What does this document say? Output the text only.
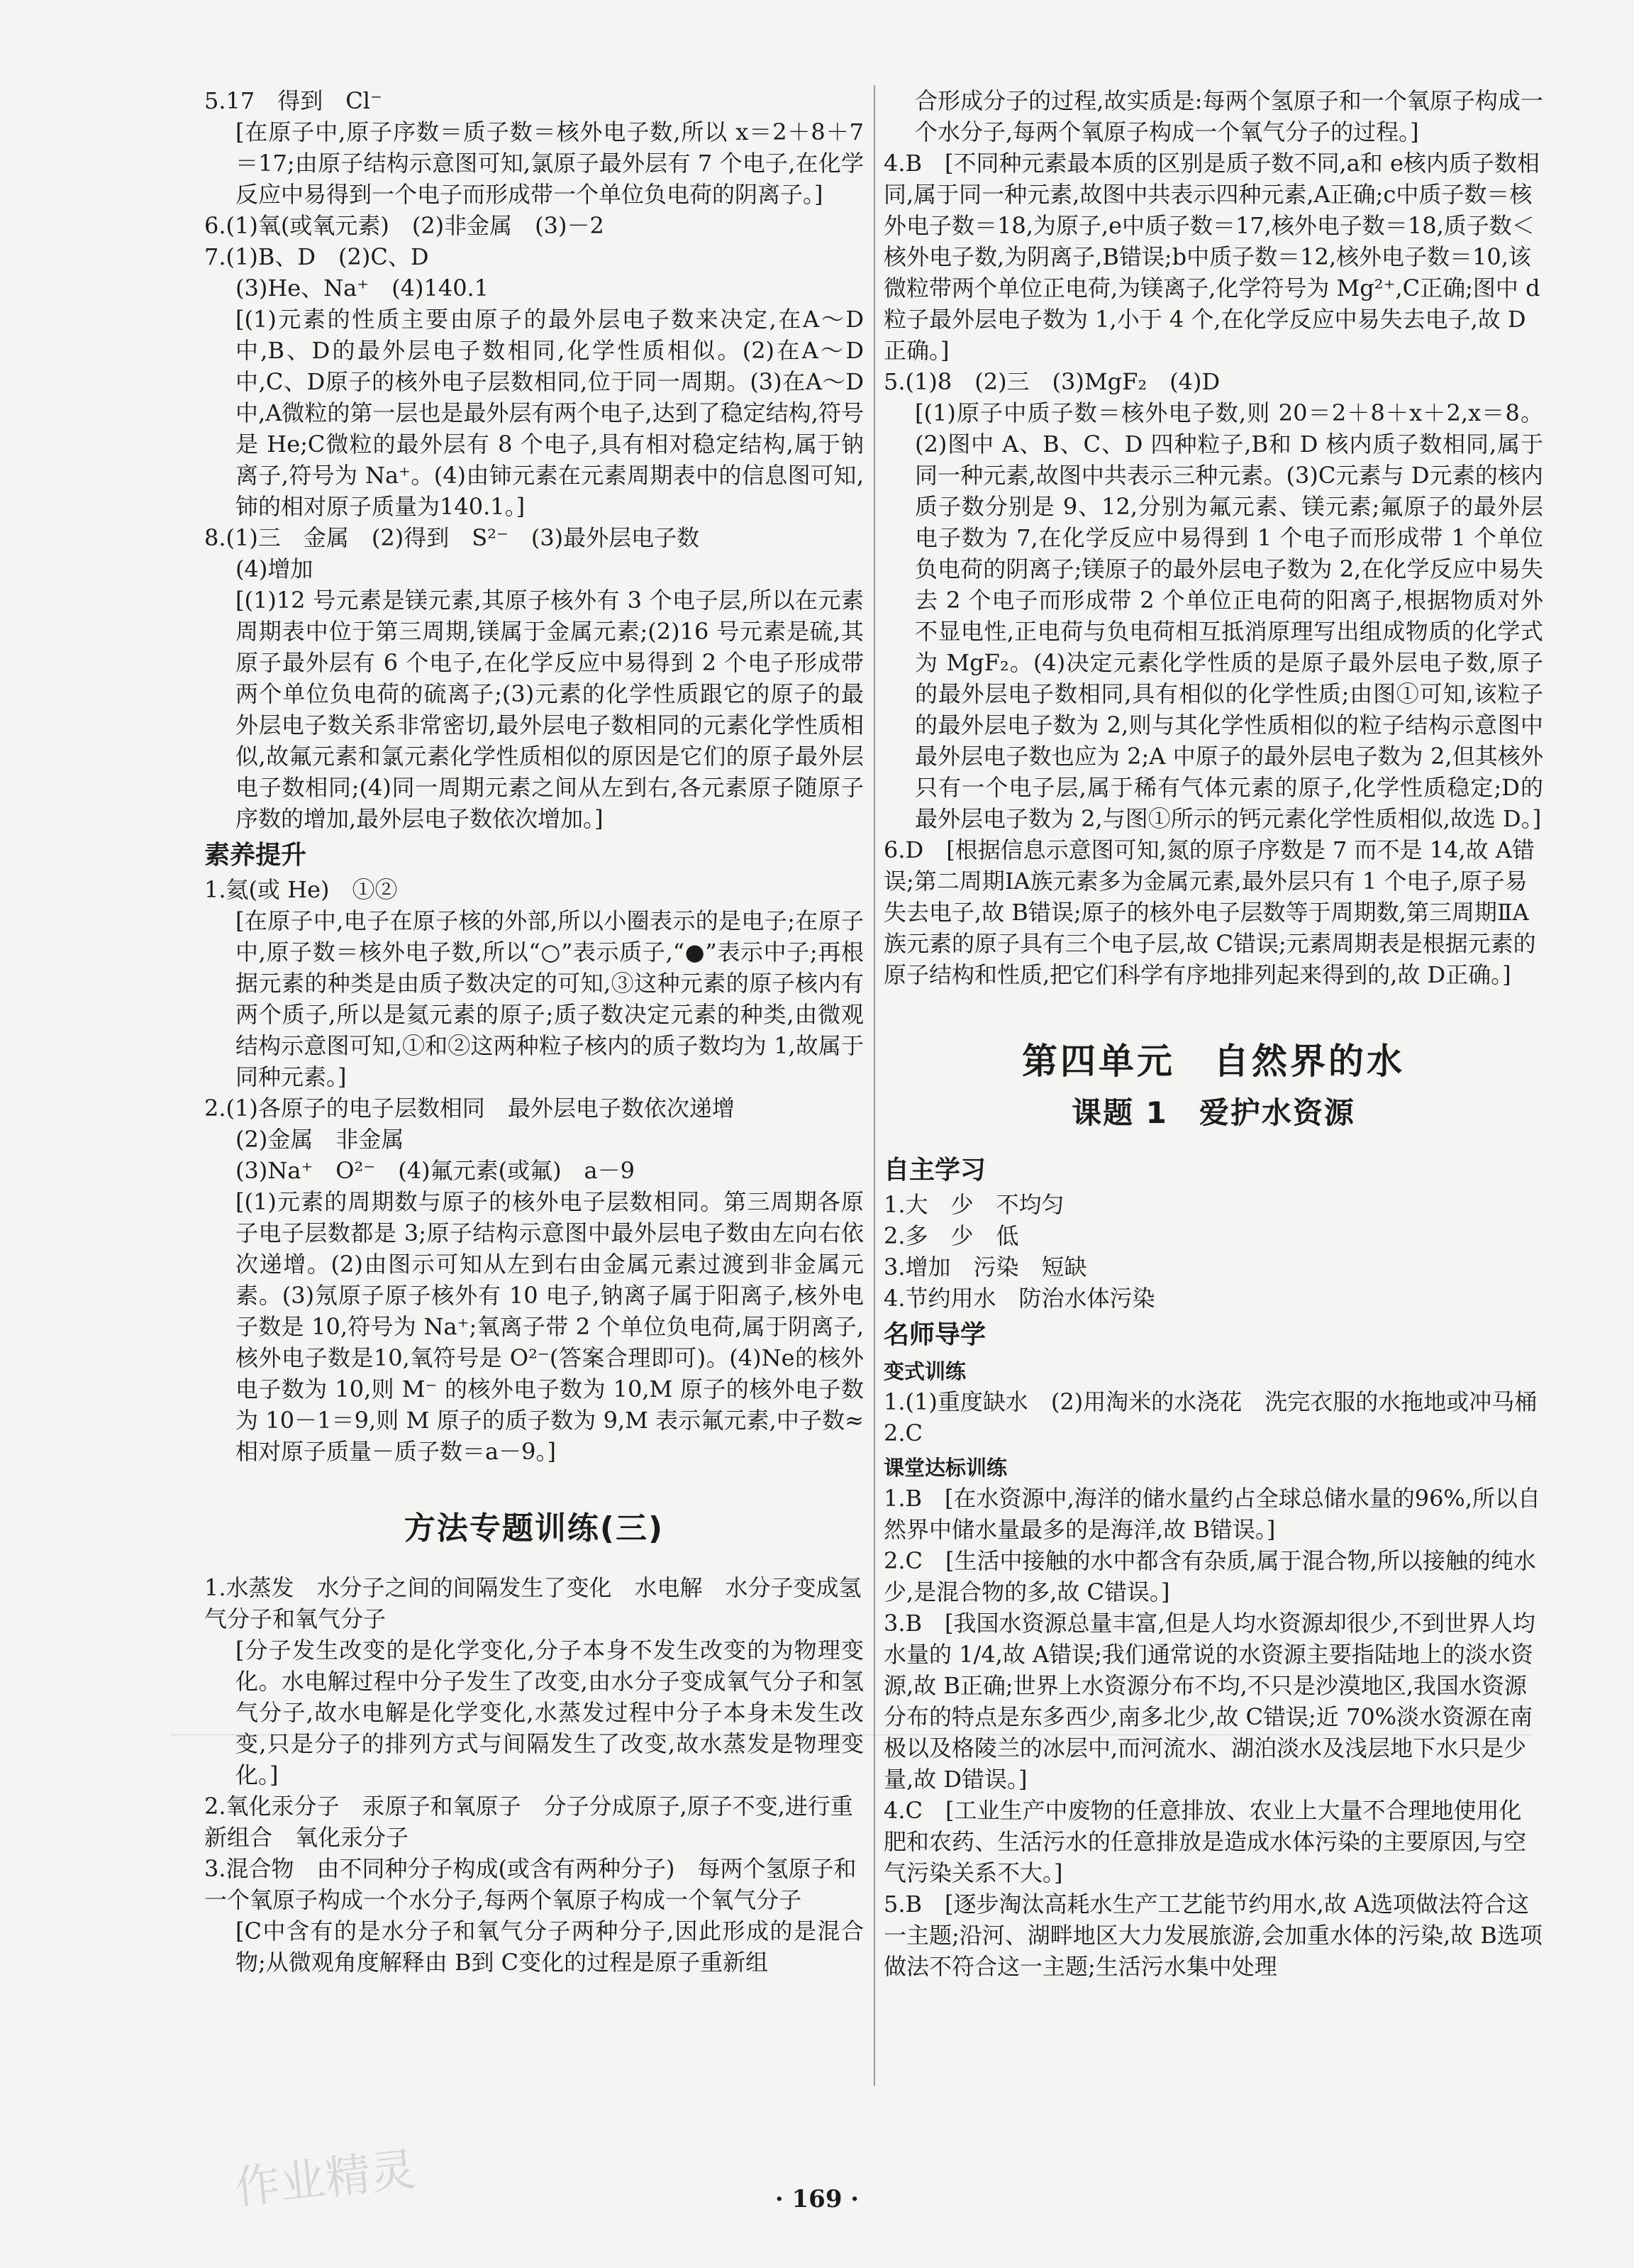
5.17　得到　Cl⁻

[在原子中,原子序数＝质子数＝核外电子数,所以 x＝2＋8＋7＝17;由原子结构示意图可知,氯原子最外层有 7 个电子,在化学反应中易得到一个电子而形成带一个单位负电荷的阴离子。]

6.(1)氧(或氧元素)　(2)非金属　(3)－2

7.(1)B、D　(2)C、D

(3)He、Na⁺　(4)140.1

[(1)元素的性质主要由原子的最外层电子数来决定,在A～D中,B、D的最外层电子数相同,化学性质相似。(2)在A～D中,C、D原子的核外电子层数相同,位于同一周期。(3)在A～D中,A微粒的第一层也是最外层有两个电子,达到了稳定结构,符号是 He;C微粒的最外层有 8 个电子,具有相对稳定结构,属于钠离子,符号为 Na⁺。(4)由铈元素在元素周期表中的信息图可知,铈的相对原子质量为140.1。]

8.(1)三　金属　(2)得到　S²⁻　(3)最外层电子数

(4)增加

[(1)12 号元素是镁元素,其原子核外有 3 个电子层,所以在元素周期表中位于第三周期,镁属于金属元素;(2)16 号元素是硫,其原子最外层有 6 个电子,在化学反应中易得到 2 个电子形成带两个单位负电荷的硫离子;(3)元素的化学性质跟它的原子的最外层电子数关系非常密切,最外层电子数相同的元素化学性质相似,故氟元素和氯元素化学性质相似的原因是它们的原子最外层电子数相同;(4)同一周期元素之间从左到右,各元素原子随原子序数的增加,最外层电子数依次增加。]

素养提升

1.氦(或 He)　①②

[在原子中,电子在原子核的外部,所以小圈表示的是电子;在原子中,原子数＝核外电子数,所以“○”表示质子,“●”表示中子;再根据元素的种类是由质子数决定的可知,③这种元素的原子核内有两个质子,所以是氦元素的原子;质子数决定元素的种类,由微观结构示意图可知,①和②这两种粒子核内的质子数均为 1,故属于同种元素。]

2.(1)各原子的电子层数相同　最外层电子数依次递增

(2)金属　非金属

(3)Na⁺　O²⁻　(4)氟元素(或氟)　a－9

[(1)元素的周期数与原子的核外电子层数相同。第三周期各原子电子层数都是 3;原子结构示意图中最外层电子数由左向右依次递增。(2)由图示可知从左到右由金属元素过渡到非金属元素。(3)氖原子原子核外有 10 电子,钠离子属于阳离子,核外电子数是 10,符号为 Na⁺;氧离子带 2 个单位负电荷,属于阴离子,核外电子数是10,氧符号是 O²⁻(答案合理即可)。(4)Ne的核外电子数为 10,则 M⁻ 的核外电子数为 10,M 原子的核外电子数为 10－1＝9,则 M 原子的质子数为 9,M 表示氟元素,中子数≈相对原子质量－质子数＝a－9。]

方法专题训练(三)

1.水蒸发　水分子之间的间隔发生了变化　水电解　水分子变成氢气分子和氧气分子

[分子发生改变的是化学变化,分子本身不发生改变的为物理变化。水电解过程中分子发生了改变,由水分子变成氧气分子和氢气分子,故水电解是化学变化,水蒸发过程中分子本身未发生改变,只是分子的排列方式与间隔发生了改变,故水蒸发是物理变化。]

2.氧化汞分子　汞原子和氧原子　分子分成原子,原子不变,进行重新组合　氧化汞分子

3.混合物　由不同种分子构成(或含有两种分子)　每两个氢原子和一个氧原子构成一个水分子,每两个氧原子构成一个氧气分子

[C中含有的是水分子和氧气分子两种分子,因此形成的是混合物;从微观角度解释由 B到 C变化的过程是原子重新组

合形成分子的过程,故实质是:每两个氢原子和一个氧原子构成一个水分子,每两个氧原子构成一个氧气分子的过程。]

4.B　[不同种元素最本质的区别是质子数不同,a和 e核内质子数相同,属于同一种元素,故图中共表示四种元素,A正确;c中质子数＝核外电子数＝18,为原子,e中质子数＝17,核外电子数＝18,质子数＜核外电子数,为阴离子,B错误;b中质子数＝12,核外电子数＝10,该微粒带两个单位正电荷,为镁离子,化学符号为 Mg²⁺,C正确;图中 d粒子最外层电子数为 1,小于 4 个,在化学反应中易失去电子,故 D正确。]

5.(1)8　(2)三　(3)MgF₂　(4)D

[(1)原子中质子数＝核外电子数,则 20＝2＋8＋x＋2,x＝8。(2)图中 A、B、C、D 四种粒子,B和 D 核内质子数相同,属于同一种元素,故图中共表示三种元素。(3)C元素与 D元素的核内质子数分别是 9、12,分别为氟元素、镁元素;氟原子的最外层电子数为 7,在化学反应中易得到 1 个电子而形成带 1 个单位负电荷的阴离子;镁原子的最外层电子数为 2,在化学反应中易失去 2 个电子而形成带 2 个单位正电荷的阳离子,根据物质对外不显电性,正电荷与负电荷相互抵消原理写出组成物质的化学式为 MgF₂。(4)决定元素化学性质的是原子最外层电子数,原子的最外层电子数相同,具有相似的化学性质;由图①可知,该粒子的最外层电子数为 2,则与其化学性质相似的粒子结构示意图中最外层电子数也应为 2;A 中原子的最外层电子数为 2,但其核外只有一个电子层,属于稀有气体元素的原子,化学性质稳定;D的最外层电子数为 2,与图①所示的钙元素化学性质相似,故选 D。]

6.D　[根据信息示意图可知,氮的原子序数是 7 而不是 14,故 A错误;第二周期ⅠA族元素多为金属元素,最外层只有 1 个电子,原子易失去电子,故 B错误;原子的核外电子层数等于周期数,第三周期ⅡA族元素的原子具有三个电子层,故 C错误;元素周期表是根据元素的原子结构和性质,把它们科学有序地排列起来得到的,故 D正确。]

第四单元　自然界的水
课题 1　爱护水资源
自主学习

1.大　少　不均匀

2.多　少　低

3.增加　污染　短缺

4.节约用水　防治水体污染

名师导学
变式训练

1.(1)重度缺水　(2)用淘米的水浇花　洗完衣服的水拖地或冲马桶

2.C

课堂达标训练

1.B　[在水资源中,海洋的储水量约占全球总储水量的96%,所以自然界中储水量最多的是海洋,故 B错误。]

2.C　[生活中接触的水中都含有杂质,属于混合物,所以接触的纯水少,是混合物的多,故 C错误。]

3.B　[我国水资源总量丰富,但是人均水资源却很少,不到世界人均水量的 1/4,故 A错误;我们通常说的水资源主要指陆地上的淡水资源,故 B正确;世界上水资源分布不均,不只是沙漠地区,我国水资源分布的特点是东多西少,南多北少,故 C错误;近 70%淡水资源在南极以及格陵兰的冰层中,而河流水、湖泊淡水及浅层地下水只是少量,故 D错误。]

4.C　[工业生产中废物的任意排放、农业上大量不合理地使用化肥和农药、生活污水的任意排放是造成水体污染的主要原因,与空气污染关系不大。]

5.B　[逐步淘汰高耗水生产工艺能节约用水,故 A选项做法符合这一主题;沿河、湖畔地区大力发展旅游,会加重水体的污染,故 B选项做法不符合这一主题;生活污水集中处理

作业精灵	· 169 ·
